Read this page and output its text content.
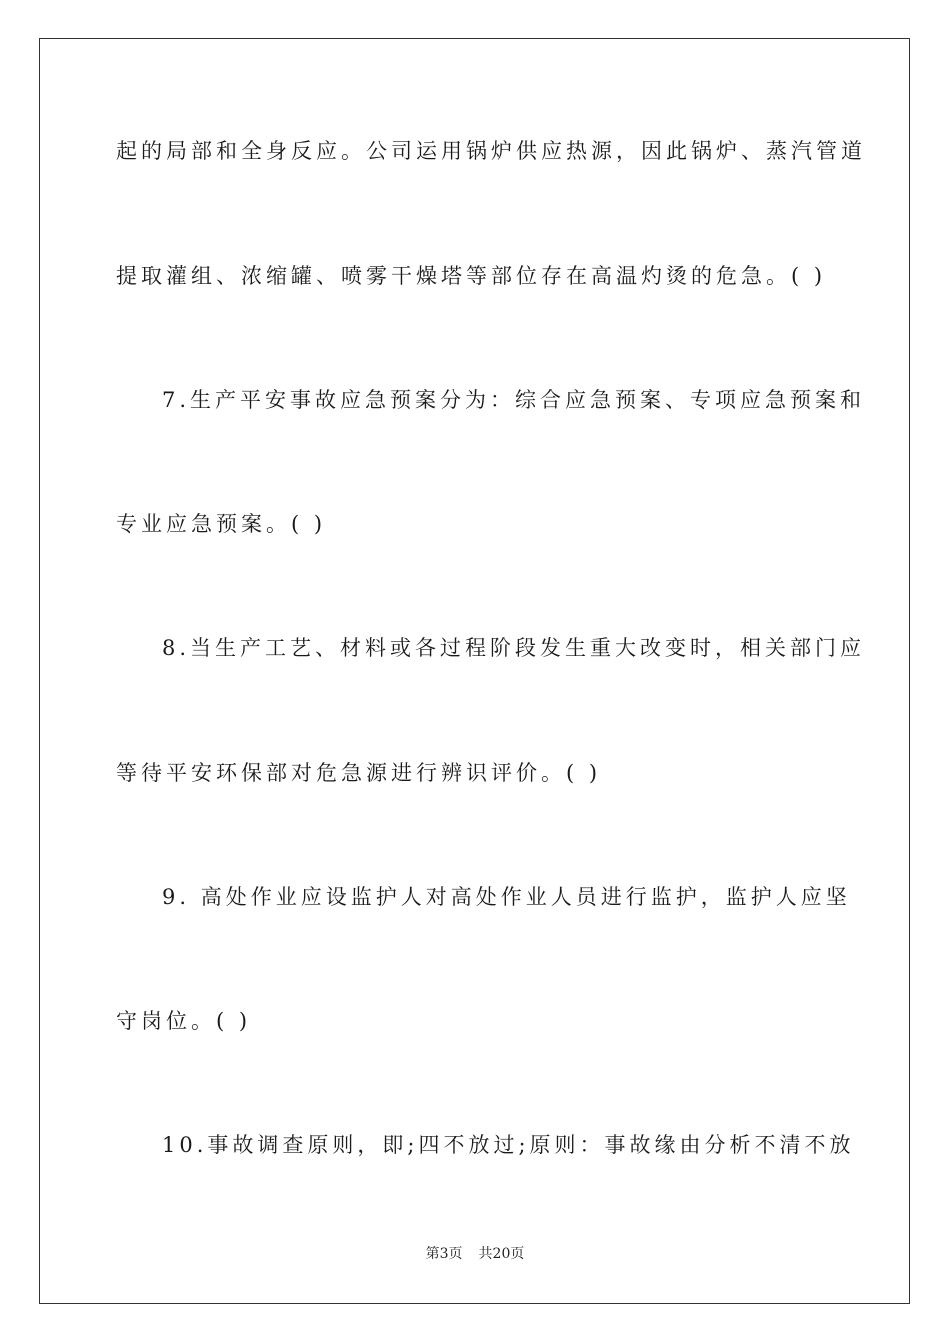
起的局部和全身反应。公司运用锅炉供应热源，因此锅炉、蒸汽管道
提取灌组、浓缩罐、喷雾干燥塔等部位存在高温灼烫的危急。( )
7.生产平安事故应急预案分为：综合应急预案、专项应急预案和
专业应急预案。( )
8.当生产工艺、材料或各过程阶段发生重大改变时，相关部门应
等待平安环保部对危急源进行辨识评价。( )
9. 高处作业应设监护人对高处作业人员进行监护，监护人应坚
守岗位。( )
10.事故调查原则，即;四不放过;原则：事故缘由分析不清不放
第3页 共20页
